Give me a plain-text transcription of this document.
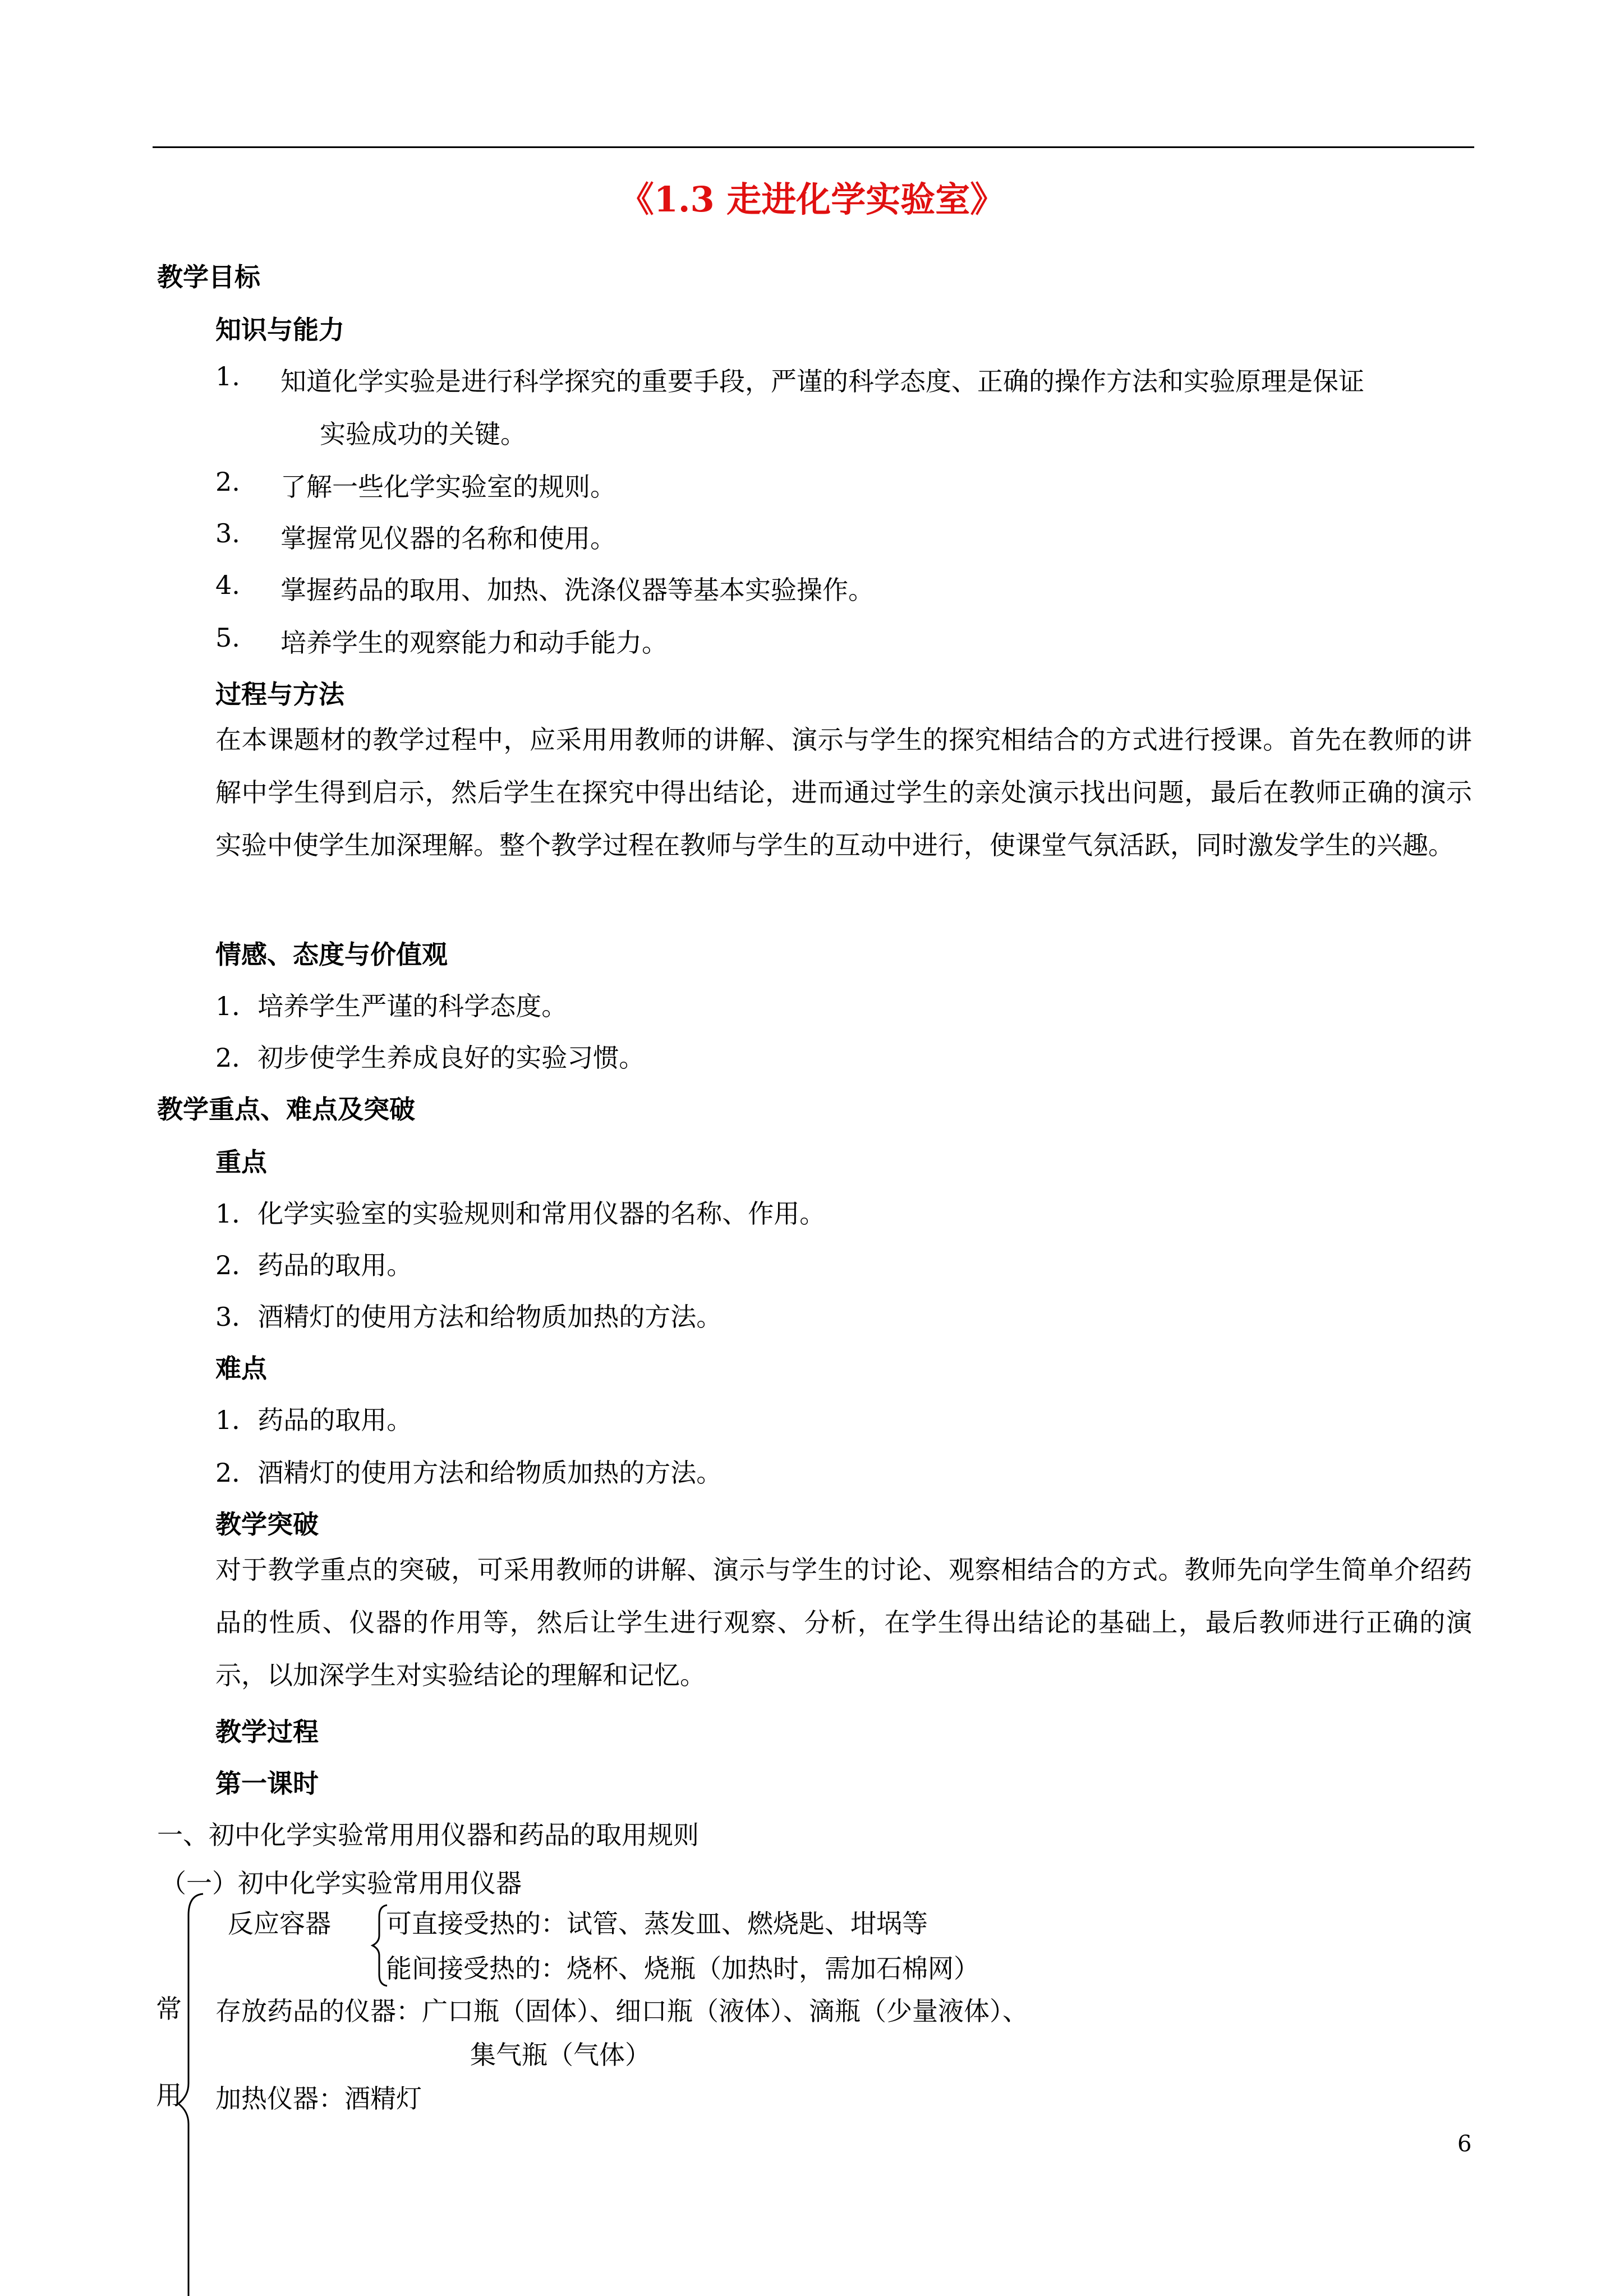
《1.3 走进化学实验室》
教学目标
知识与能力
1. 知道化学实验是进行科学探究的重要手段，严谨的科学态度、正确的操作方法和实验原理是保证
实验成功的关键。
2. 了解一些化学实验室的规则。
3. 掌握常见仪器的名称和使用。
4. 掌握药品的取用、加热、洗涤仪器等基本实验操作。
5. 培养学生的观察能力和动手能力。
过程与方法
在本课题材的教学过程中，应采用用教师的讲解、演示与学生的探究相结合的方式进行授课。首先在教师的讲解中学生得到启示，然后学生在探究中得出结论，进而通过学生的亲处演示找出问题，最后在教师正确的演示实验中使学生加深理解。整个教学过程在教师与学生的互动中进行，使课堂气氛活跃，同时激发学生的兴趣。
情感、态度与价值观
1．培养学生严谨的科学态度。
2．初步使学生养成良好的实验习惯。
教学重点、难点及突破
重点
1．化学实验室的实验规则和常用仪器的名称、作用。
2．药品的取用。
3．酒精灯的使用方法和给物质加热的方法。
难点
1．药品的取用。
2．酒精灯的使用方法和给物质加热的方法。
教学突破
对于教学重点的突破，可采用教师的讲解、演示与学生的讨论、观察相结合的方式。教师先向学生简单介绍药品的性质、仪器的作用等，然后让学生进行观察、分析，在学生得出结论的基础上，最后教师进行正确的演示，以加深学生对实验结论的理解和记忆。
教学过程
第一课时
一、初中化学实验常用用仪器和药品的取用规则
（一）初中化学实验常用用仪器
常
用
反应容器 可直接受热的：试管、蒸发皿、燃烧匙、坩埚等
能间接受热的：烧杯、烧瓶（加热时，需加石棉网）
存放药品的仪器：广口瓶（固体）、细口瓶（液体）、滴瓶（少量液体）、
集气瓶（气体）
加热仪器：酒精灯
6
